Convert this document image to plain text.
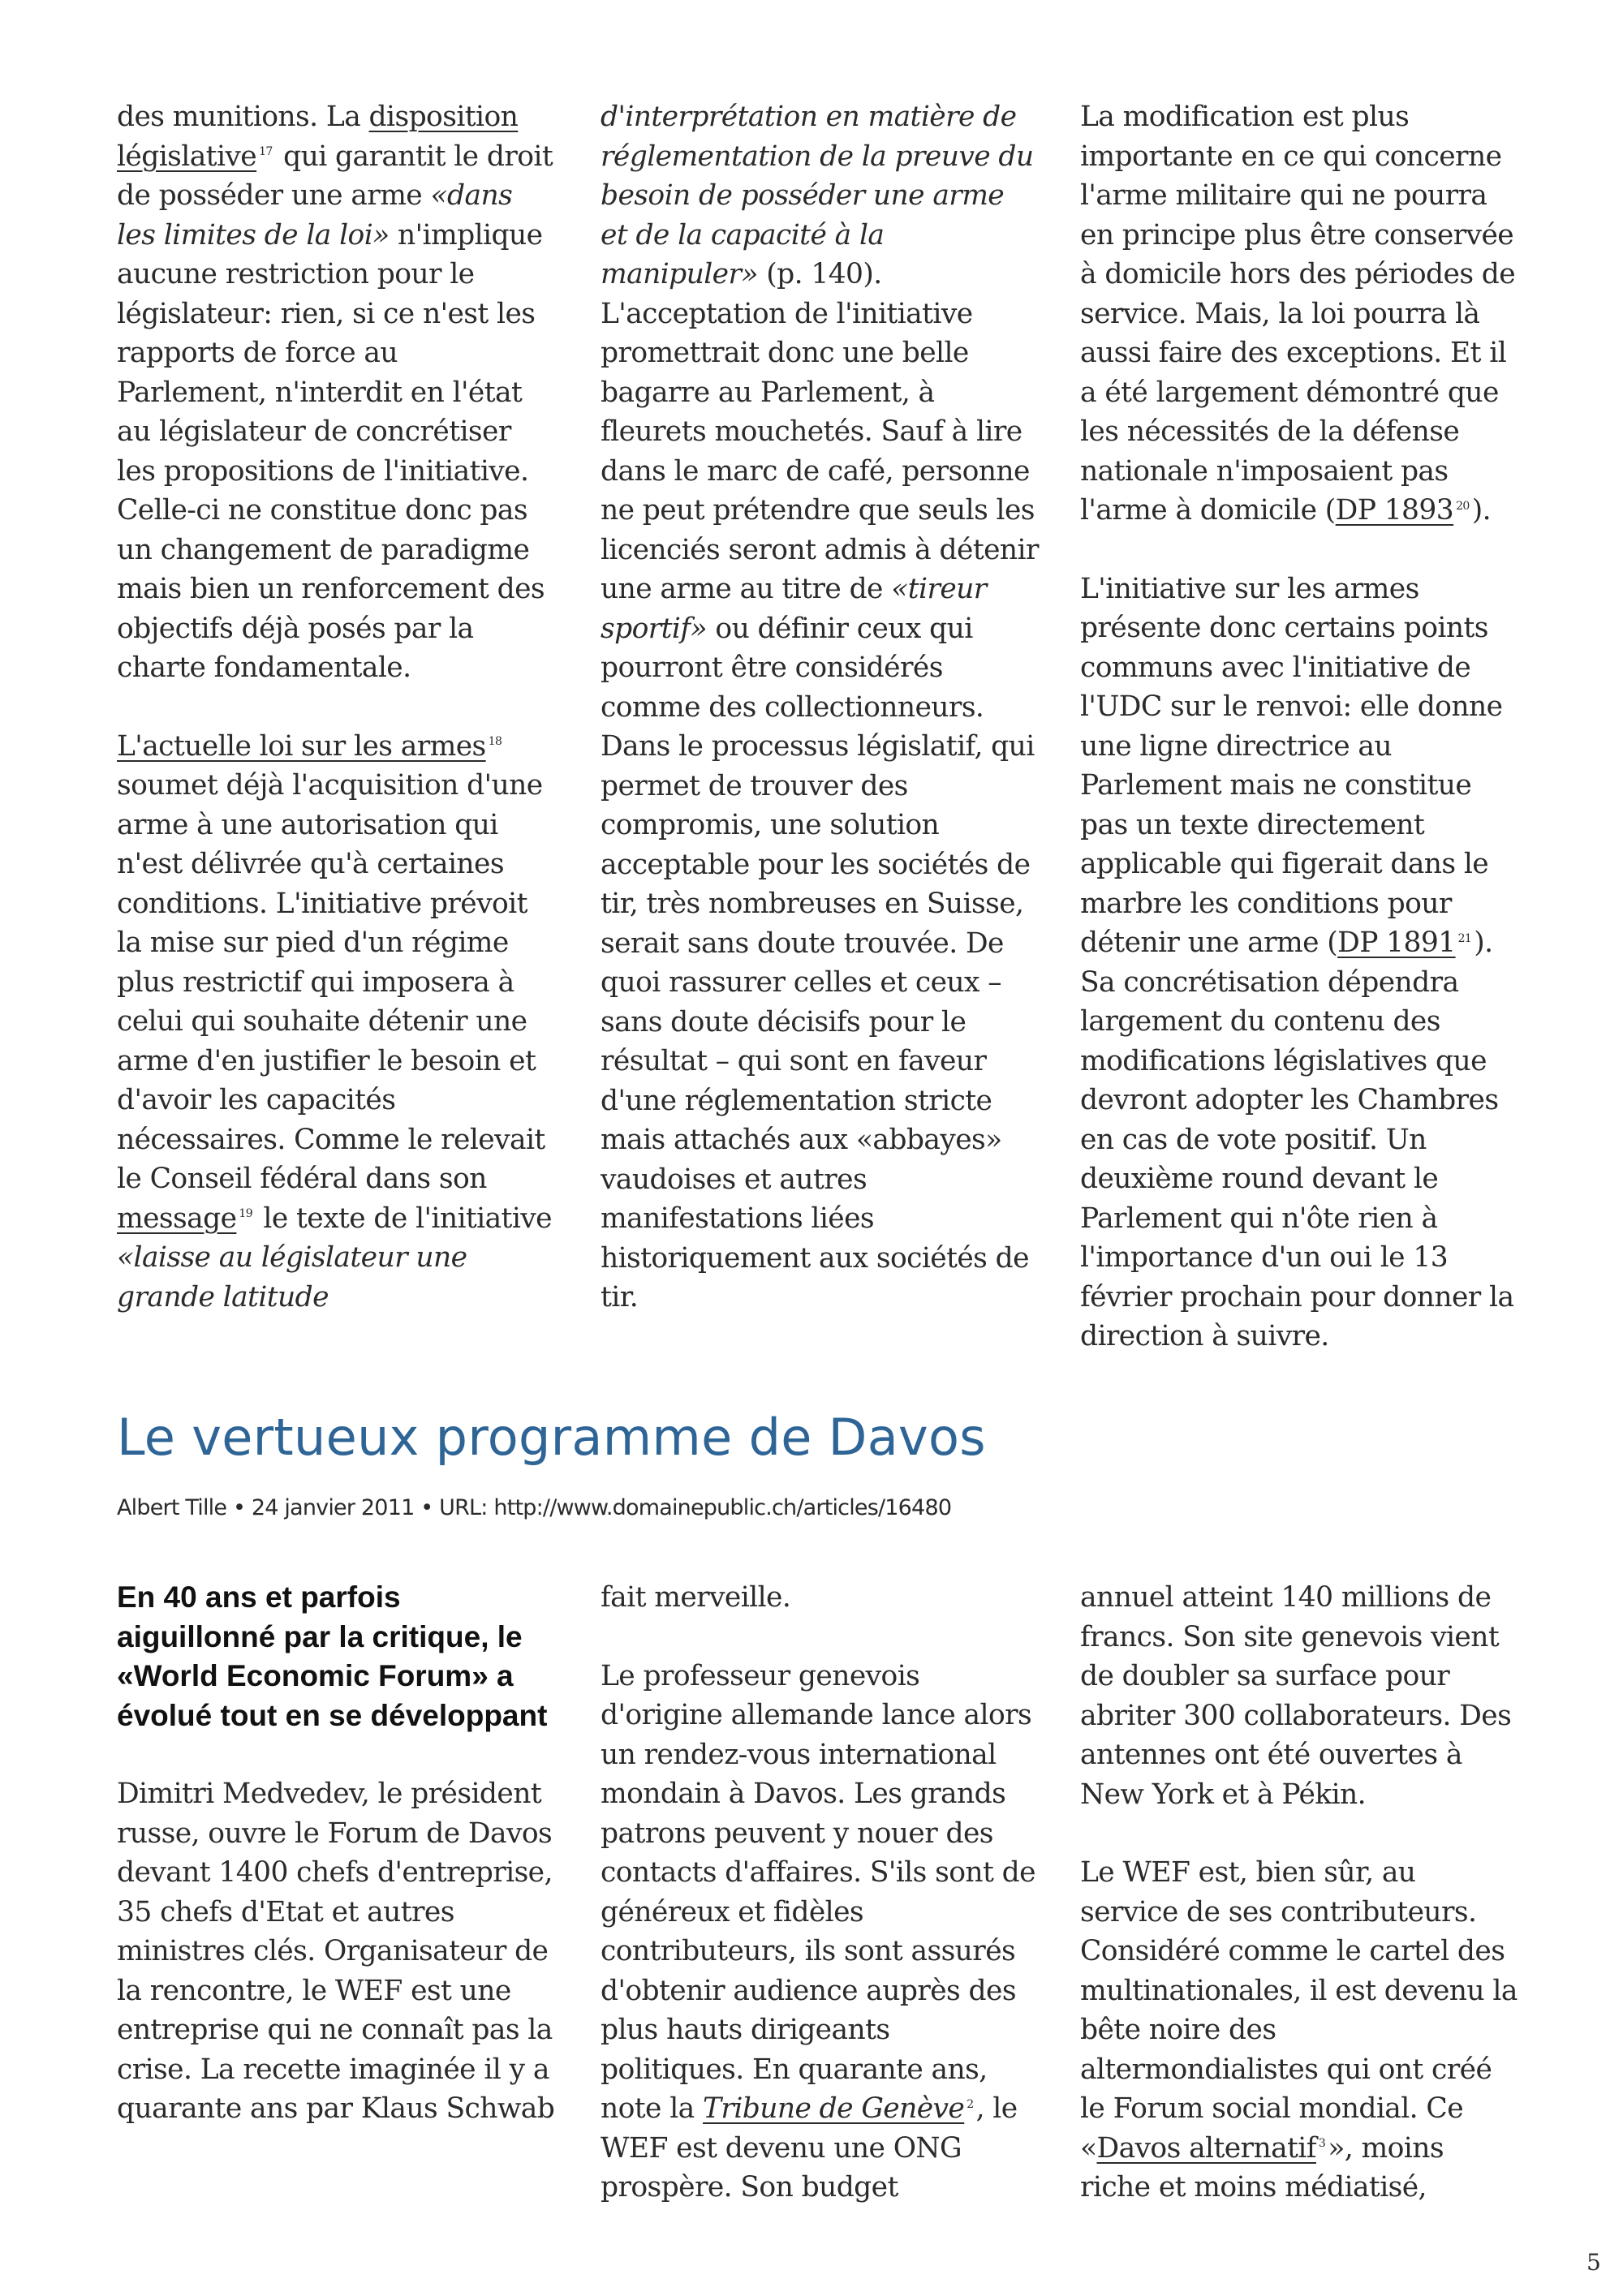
des munitions. La disposition législative $^{17}$ qui garantit le droit de posséder une arme «dans les limites de la loi» n'implique aucune restriction pour le législateur: rien, si ce n'est les rapports de force au Parlement, n'interdit en l'état au législateur de concrétiser les propositions de l'initiative. Celle-ci ne constitue donc pas un changement de paradigme mais bien un renforcement des objectifs déjà posés par la charte fondamentale.

L'actuelle loi sur les armes $^{18}$ soumet déjà l'acquisition d'une arme à une autorisation qui n'est délivrée qu'à certaines conditions. L'initiative prévoit la mise sur pied d'un régime plus restrictif qui imposera à celui qui souhaite détenir une arme d'en justifier le besoin et d'avoir les capacités nécessaires. Comme le relevait le Conseil fédéral dans son message $^{19}$ le texte de l'initiative «laisse au législateur une grande latitude

d'interprétation en matière de réglementation de la preuve du besoin de posséder une arme et de la capacité à la manipuler» (p. 140). L'acceptation de l'initiative promettrait donc une belle bagarre au Parlement, à fleurets mouchetés. Sauf à lire dans le marc de café, personne ne peut prétendre que seuls les licenciés seront admis à détenir une arme au titre de «tireur sportif» ou définir ceux qui pourront être considérés comme des collectionneurs. Dans le processus législatif, qui permet de trouver des compromis, une solution acceptable pour les sociétés de tir, très nombreuses en Suisse, serait sans doute trouvée. De quoi rassurer celles et ceux – sans doute décisifs pour le résultat – qui sont en faveur d'une réglementation stricte mais attachés aux «abbayes» vaudoises et autres manifestations liées historiquement aux sociétés de tir.

La modification est plus importante en ce qui concerne l'arme militaire qui ne pourra en principe plus être conservée à domicile hors des périodes de service. Mais, la loi pourra là aussi faire des exceptions. Et il a été largement démontré que les nécessités de la défense nationale n'imposaient pas l'arme à domicile (DP 1893 $^{20}$).

L'initiative sur les armes présente donc certains points communs avec l'initiative de l'UDC sur le renvoi: elle donne une ligne directrice au Parlement mais ne constitue pas un texte directement applicable qui figerait dans le marbre les conditions pour détenir une arme (DP 1891 $^{21}$). Sa concrétisation dépendra largement du contenu des modifications législatives que devront adopter les Chambres en cas de vote positif. Un deuxième round devant le Parlement qui n'ôte rien à l'importance d'un oui le 13 février prochain pour donner la direction à suivre.

Le vertueux programme de Davos
Albert Tille • 24 janvier 2011 • URL: http://www.domainepublic.ch/articles/16480

En 40 ans et parfois aiguillonné par la critique, le «World Economic Forum» a évolué tout en se développant

Dimitri Medvedev, le président russe, ouvre le Forum de Davos devant 1400 chefs d'entreprise, 35 chefs d'Etat et autres ministres clés. Organisateur de la rencontre, le WEF est une entreprise qui ne connaît pas la crise. La recette imaginée il y a quarante ans par Klaus Schwab

fait merveille.

Le professeur genevois d'origine allemande lance alors un rendez-vous international mondain à Davos. Les grands patrons peuvent y nouer des contacts d'affaires. S'ils sont de généreux et fidèles contributeurs, ils sont assurés d'obtenir audience auprès des plus hauts dirigeants politiques. En quarante ans, note la Tribune de Genève $^2$, le WEF est devenu une ONG prospère. Son budget

annuel atteint 140 millions de francs. Son site genevois vient de doubler sa surface pour abriter 300 collaborateurs. Des antennes ont été ouvertes à New York et à Pékin.

Le WEF est, bien sûr, au service de ses contributeurs. Considéré comme le cartel des multinationales, il est devenu la bête noire des altermondialistes qui ont créé le Forum social mondial. Ce «Davos alternatif $^3$», moins riche et moins médiatisé,

5
